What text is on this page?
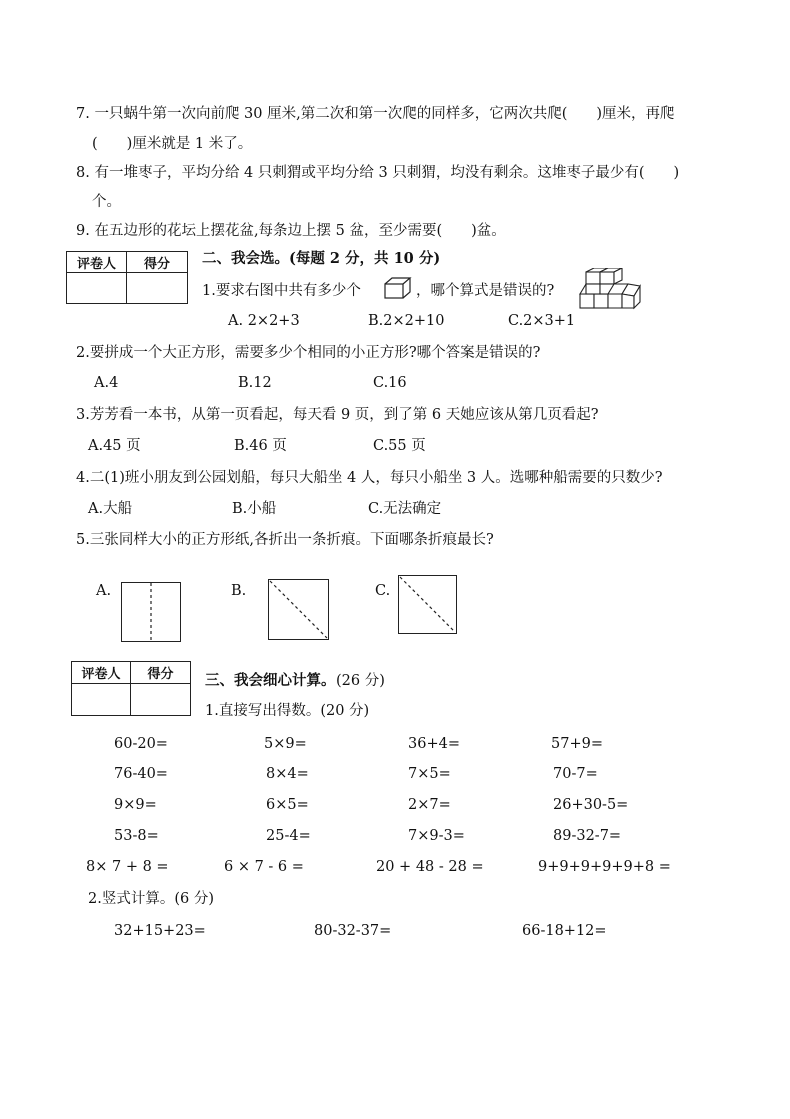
7. 一只蜗牛第一次向前爬 30 厘米,第二次和第一次爬的同样多，它两次共爬(　　)厘米，再爬
(　　)厘米就是 1 米了。
8. 有一堆枣子，平均分给 4 只刺猬或平均分给 3 只刺猬，均没有剩余。这堆枣子最少有(　　)
个。
9. 在五边形的花坛上摆花盆,每条边上摆 5 盆，至少需要(　　)盆。
评卷人	得分	二、我会选。(每题 2 分，共 10 分)
1.要求右图中共有多少个	，哪个算式是错误的?
A. 2×2+3	B.2×2+10	C.2×3+1
2.要拼成一个大正方形，需要多少个相同的小正方形?哪个答案是错误的?
A.4	B.12	C.16
3.芳芳看一本书，从第一页看起，每天看 9 页，到了第 6 天她应该从第几页看起?
A.45 页	B.46 页	C.55 页
4.二(1)班小朋友到公园划船，每只大船坐 4 人，每只小船坐 3 人。选哪种船需要的只数少?
A.大船	B.小船	C.无法确定
5.三张同样大小的正方形纸,各折出一条折痕。下面哪条折痕最长?
A.	B.	C.
评卷人	得分	三、我会细心计算。 (26 分)
1.直接写出得数。(20 分)
60-20=	5×9=	36+4=	57+9=
76-40=	8×4=	7×5=	70-7=
9×9=	6×5=	2×7=	26+30-5=
53-8=	25-4=	7×9-3=	89-32-7=
8× 7 + 8 =	6 × 7 - 6 =	20 + 48 - 28 =	9+9+9+9+9+8 =
2.竖式计算。(6 分)
32+15+23=	80-32-37=	66-18+12=
